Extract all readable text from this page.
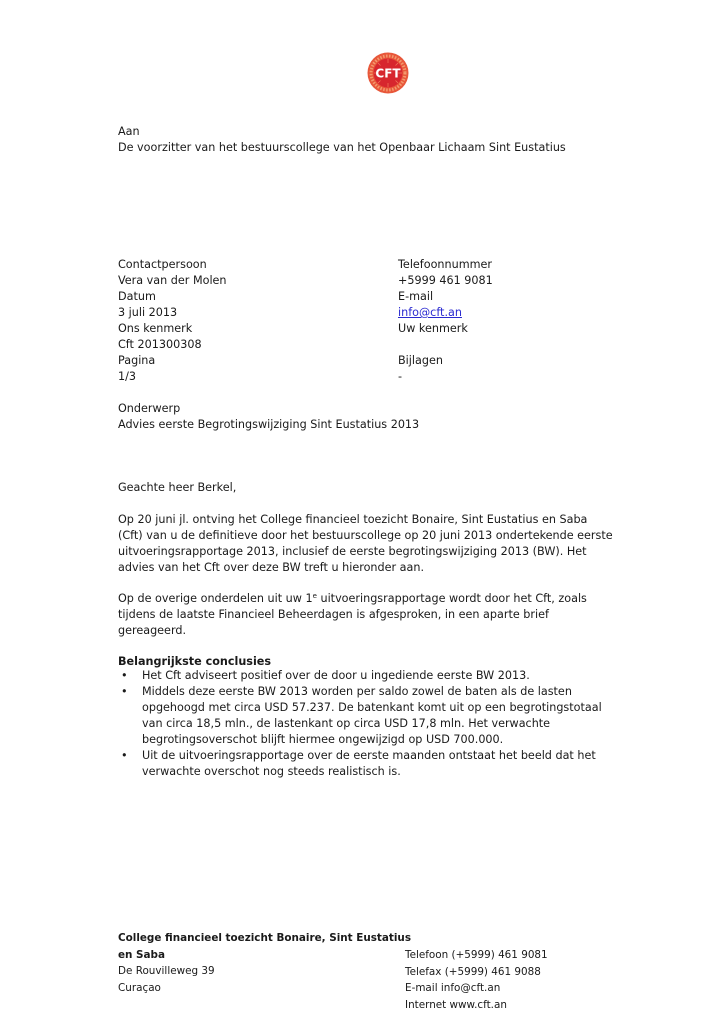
CFT
Aan
De voorzitter van het bestuurscollege van het Openbaar Lichaam Sint Eustatius
Contactpersoon
Vera van der Molen
Datum
3 juli 2013
Ons kenmerk
Cft 201300308
Pagina
1/3
Telefoonnummer
+5999 461 9081
E-mail
info@cft.an
Uw kenmerk
Bijlagen
-
Onderwerp
Advies eerste Begrotingswijziging Sint Eustatius 2013
Geachte heer Berkel,
Op 20 juni jl. ontving het College financieel toezicht Bonaire, Sint Eustatius en Saba
(Cft) van u de definitieve door het bestuurscollege op 20 juni 2013 ondertekende eerste
uitvoeringsrapportage 2013, inclusief de eerste begrotingswijziging 2013 (BW). Het
advies van het Cft over deze BW treft u hieronder aan.
Op de overige onderdelen uit uw 1e uitvoeringsrapportage wordt door het Cft, zoals
tijdens de laatste Financieel Beheerdagen is afgesproken, in een aparte brief
gereageerd.
Belangrijkste conclusies
• Het Cft adviseert positief over de door u ingediende eerste BW 2013.
• Middels deze eerste BW 2013 worden per saldo zowel de baten als de lasten
opgehoogd met circa USD 57.237. De batenkant komt uit op een begrotingstotaal
van circa 18,5 mln., de lastenkant op circa USD 17,8 mln. Het verwachte
begrotingsoverschot blijft hiermee ongewijzigd op USD 700.000.
• Uit de uitvoeringsrapportage over de eerste maanden ontstaat het beeld dat het
verwachte overschot nog steeds realistisch is.
College financieel toezicht Bonaire, Sint Eustatius
en Saba
De Rouvilleweg 39
Curaçao
Telefoon (+5999) 461 9081
Telefax (+5999) 461 9088
E-mail info@cft.an
Internet www.cft.an
